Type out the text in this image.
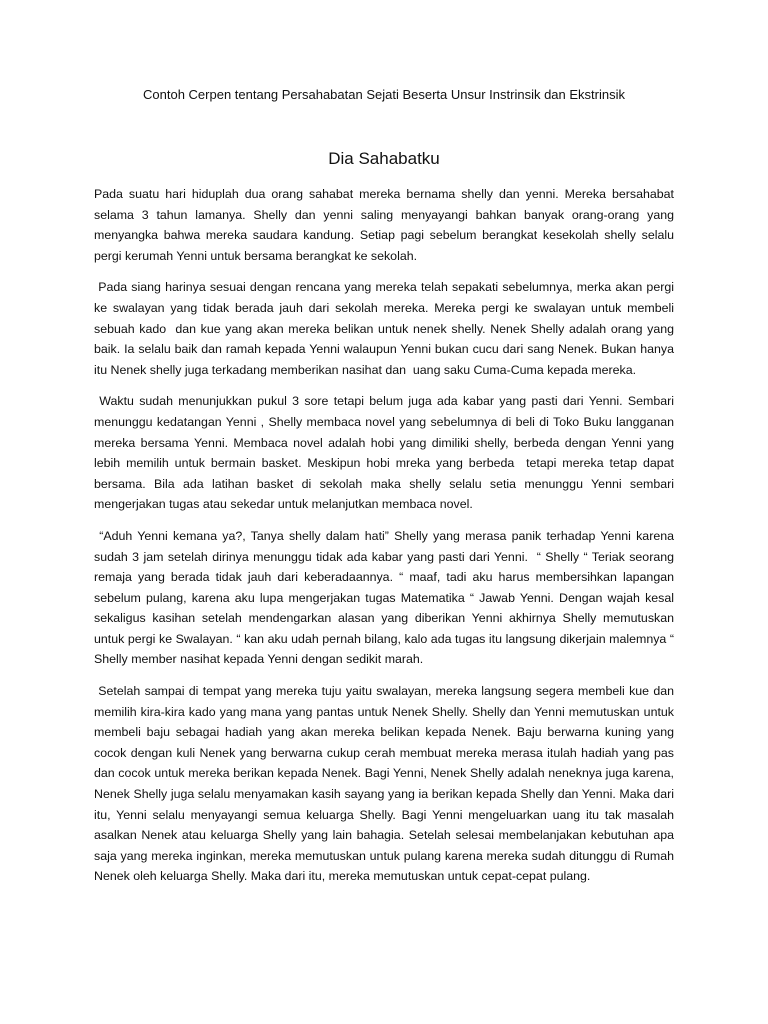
Contoh Cerpen tentang Persahabatan Sejati Beserta Unsur Instrinsik dan Ekstrinsik
Dia Sahabatku

Pada suatu hari hiduplah dua orang sahabat mereka bernama shelly dan yenni. Mereka bersahabat selama 3 tahun lamanya. Shelly dan yenni saling menyayangi bahkan banyak orang-orang yang menyangka bahwa mereka saudara kandung. Setiap pagi sebelum berangkat kesekolah shelly selalu pergi kerumah Yenni untuk bersama berangkat ke sekolah.

Pada siang harinya sesuai dengan rencana yang mereka telah sepakati sebelumnya, merka akan pergi ke swalayan yang tidak berada jauh dari sekolah mereka. Mereka pergi ke swalayan untuk membeli sebuah kado  dan kue yang akan mereka belikan untuk nenek shelly. Nenek Shelly adalah orang yang baik. Ia selalu baik dan ramah kepada Yenni walaupun Yenni bukan cucu dari sang Nenek. Bukan hanya itu Nenek shelly juga terkadang memberikan nasihat dan  uang saku Cuma-Cuma kepada mereka.

Waktu sudah menunjukkan pukul 3 sore tetapi belum juga ada kabar yang pasti dari Yenni. Sembari menunggu kedatangan Yenni , Shelly membaca novel yang sebelumnya di beli di Toko Buku langganan mereka bersama Yenni. Membaca novel adalah hobi yang dimiliki shelly, berbeda dengan Yenni yang lebih memilih untuk bermain basket. Meskipun hobi mreka yang berbeda  tetapi mereka tetap dapat bersama. Bila ada latihan basket di sekolah maka shelly selalu setia menunggu Yenni sembari mengerjakan tugas atau sekedar untuk melanjutkan membaca novel.

“Aduh Yenni kemana ya?, Tanya shelly dalam hati” Shelly yang merasa panik terhadap Yenni karena sudah 3 jam setelah dirinya menunggu tidak ada kabar yang pasti dari Yenni.  “ Shelly “ Teriak seorang remaja yang berada tidak jauh dari keberadaannya. “ maaf, tadi aku harus membersihkan lapangan sebelum pulang, karena aku lupa mengerjakan tugas Matematika “ Jawab Yenni. Dengan wajah kesal sekaligus kasihan setelah mendengarkan alasan yang diberikan Yenni akhirnya Shelly memutuskan untuk pergi ke Swalayan. “ kan aku udah pernah bilang, kalo ada tugas itu langsung dikerjain malemnya “ Shelly member nasihat kepada Yenni dengan sedikit marah.

Setelah sampai di tempat yang mereka tuju yaitu swalayan, mereka langsung segera membeli kue dan memilih kira-kira kado yang mana yang pantas untuk Nenek Shelly. Shelly dan Yenni memutuskan untuk membeli baju sebagai hadiah yang akan mereka belikan kepada Nenek. Baju berwarna kuning yang cocok dengan kuli Nenek yang berwarna cukup cerah membuat mereka merasa itulah hadiah yang pas dan cocok untuk mereka berikan kepada Nenek. Bagi Yenni, Nenek Shelly adalah neneknya juga karena, Nenek Shelly juga selalu menyamakan kasih sayang yang ia berikan kepada Shelly dan Yenni. Maka dari itu, Yenni selalu menyayangi semua keluarga Shelly. Bagi Yenni mengeluarkan uang itu tak masalah asalkan Nenek atau keluarga Shelly yang lain bahagia. Setelah selesai membelanjakan kebutuhan apa saja yang mereka inginkan, mereka memutuskan untuk pulang karena mereka sudah ditunggu di Rumah Nenek oleh keluarga Shelly. Maka dari itu, mereka memutuskan untuk cepat-cepat pulang.
